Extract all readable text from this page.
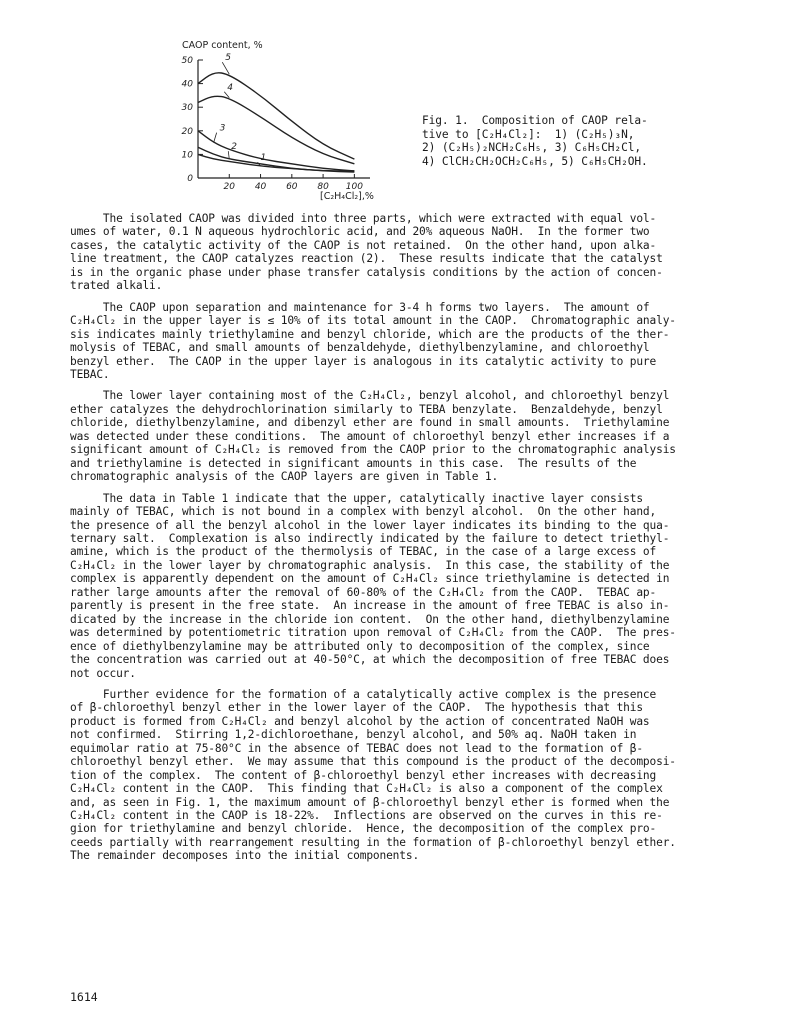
CAOP content, %
[C₂H₄Cl₂],%
0
10
20
30
40
50
20 40 60 80 100
1
2
3
4
5
Fig. 1.  Composition of CAOP rela-
tive to [C₂H₄Cl₂]:  1) (C₂H₅)₃N,
2) (C₂H₅)₂NCH₂C₆H₅, 3) C₆H₅CH₂Cl,
4) ClCH₂CH₂OCH₂C₆H₅, 5) C₆H₅CH₂OH.
The isolated CAOP was divided into three parts, which were extracted with equal vol-
umes of water, 0.1 N aqueous hydrochloric acid, and 20% aqueous NaOH.  In the former two
cases, the catalytic activity of the CAOP is not retained.  On the other hand, upon alka-
line treatment, the CAOP catalyzes reaction (2).  These results indicate that the catalyst
is in the organic phase under phase transfer catalysis conditions by the action of concen-
trated alkali.
The CAOP upon separation and maintenance for 3-4 h forms two layers.  The amount of
C₂H₄Cl₂ in the upper layer is ≤ 10% of its total amount in the CAOP.  Chromatographic analy-
sis indicates mainly triethylamine and benzyl chloride, which are the products of the ther-
molysis of TEBAC, and small amounts of benzaldehyde, diethylbenzylamine, and chloroethyl
benzyl ether.  The CAOP in the upper layer is analogous in its catalytic activity to pure
TEBAC.
The lower layer containing most of the C₂H₄Cl₂, benzyl alcohol, and chloroethyl benzyl
ether catalyzes the dehydrochlorination similarly to TEBA benzylate.  Benzaldehyde, benzyl
chloride, diethylbenzylamine, and dibenzyl ether are found in small amounts.  Triethylamine
was detected under these conditions.  The amount of chloroethyl benzyl ether increases if a
significant amount of C₂H₄Cl₂ is removed from the CAOP prior to the chromatographic analysis
and triethylamine is detected in significant amounts in this case.  The results of the
chromatographic analysis of the CAOP layers are given in Table 1.
The data in Table 1 indicate that the upper, catalytically inactive layer consists
mainly of TEBAC, which is not bound in a complex with benzyl alcohol.  On the other hand,
the presence of all the benzyl alcohol in the lower layer indicates its binding to the qua-
ternary salt.  Complexation is also indirectly indicated by the failure to detect triethyl-
amine, which is the product of the thermolysis of TEBAC, in the case of a large excess of
C₂H₄Cl₂ in the lower layer by chromatographic analysis.  In this case, the stability of the
complex is apparently dependent on the amount of C₂H₄Cl₂ since triethylamine is detected in
rather large amounts after the removal of 60-80% of the C₂H₄Cl₂ from the CAOP.  TEBAC ap-
parently is present in the free state.  An increase in the amount of free TEBAC is also in-
dicated by the increase in the chloride ion content.  On the other hand, diethylbenzylamine
was determined by potentiometric titration upon removal of C₂H₄Cl₂ from the CAOP.  The pres-
ence of diethylbenzylamine may be attributed only to decomposition of the complex, since
the concentration was carried out at 40-50°C, at which the decomposition of free TEBAC does
not occur.
Further evidence for the formation of a catalytically active complex is the presence
of β-chloroethyl benzyl ether in the lower layer of the CAOP.  The hypothesis that this
product is formed from C₂H₄Cl₂ and benzyl alcohol by the action of concentrated NaOH was
not confirmed.  Stirring 1,2-dichloroethane, benzyl alcohol, and 50% aq. NaOH taken in
equimolar ratio at 75-80°C in the absence of TEBAC does not lead to the formation of β-
chloroethyl benzyl ether.  We may assume that this compound is the product of the decomposi-
tion of the complex.  The content of β-chloroethyl benzyl ether increases with decreasing
C₂H₄Cl₂ content in the CAOP.  This finding that C₂H₄Cl₂ is also a component of the complex
and, as seen in Fig. 1, the maximum amount of β-chloroethyl benzyl ether is formed when the
C₂H₄Cl₂ content in the CAOP is 18-22%.  Inflections are observed on the curves in this re-
gion for triethylamine and benzyl chloride.  Hence, the decomposition of the complex pro-
ceeds partially with rearrangement resulting in the formation of β-chloroethyl benzyl ether.
The remainder decomposes into the initial components.
1614
